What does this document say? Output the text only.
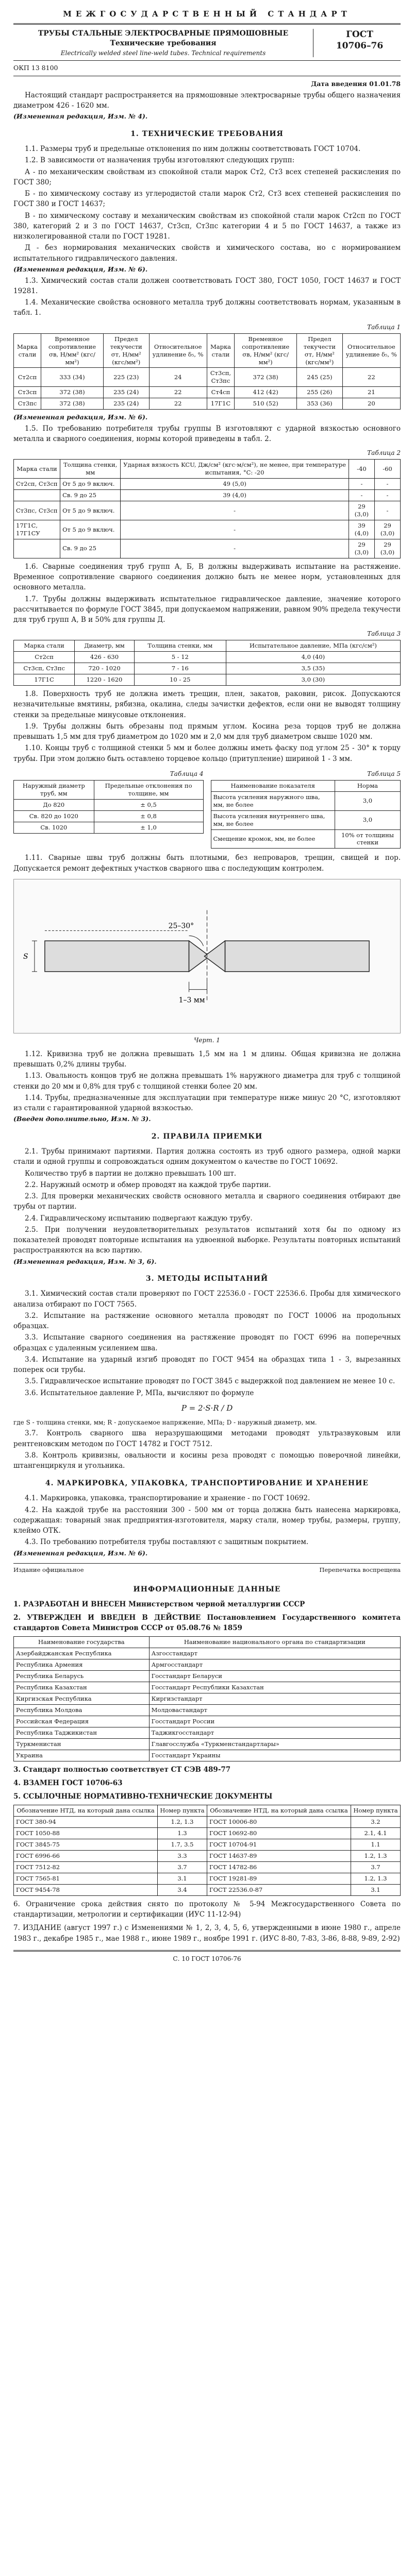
МЕЖГОСУДАРСТВЕННЫЙ СТАНДАРТ
ТРУБЫ СТАЛЬНЫЕ ЭЛЕКТРОСВАРНЫЕ ПРЯМОШОВНЫЕ
Технические требования
Electrically welded steel line-weld tubes. Technical requirements
ГОСТ
10706–76
ОКП 13 8100
Дата введения 01.01.78

Настоящий стандарт распространяется на прямошовные электросварные трубы общего назначения диаметром 426 - 1620 мм.

(Измененная редакция, Изм. № 4).

1. ТЕХНИЧЕСКИЕ ТРЕБОВАНИЯ

1.1. Размеры труб и предельные отклонения по ним должны соответствовать ГОСТ 10704.

1.2. В зависимости от назначения трубы изготовляют следующих групп:

А - по механическим свойствам из спокойной стали марок Ст2, Ст3 всех степеней раскисления по ГОСТ 380;

Б - по химическому составу из углеродистой стали марок Ст2, Ст3 всех степеней раскисления по ГОСТ 380 и ГОСТ 14637;

В - по химическому составу и механическим свойствам из спокойной стали марок Ст2сп по ГОСТ 380, категорий 2 и 3 по ГОСТ 14637, Ст3сп, Ст3пс категории 4 и 5 по ГОСТ 14637, а также из низколегированной стали по ГОСТ 19281.

Д - без нормирования механических свойств и химического состава, но с нормированием испытательного гидравлического давления.

(Измененная редакция, Изм. № 6).

1.3. Химический состав стали должен соответствовать ГОСТ 380, ГОСТ 1050, ГОСТ 14637 и ГОСТ 19281.

1.4. Механические свойства основного металла труб должны соответствовать нормам, указанным в табл. 1.

Таблица 1
Марка стали	Временное сопротивление σв, Н/мм² (кгс/мм²)	Предел текучести σт, Н/мм² (кгс/мм²)	Относительное удлинение δ₅, %	Марка стали	Временное сопротивление σв, Н/мм² (кгс/мм²)	Предел текучести σт, Н/мм² (кгс/мм²)	Относительное удлинение δ₅, %
Ст2сп	333 (34)	225 (23)	24	Ст3сп, Ст3пс	372 (38)	245 (25)	22
Ст3сп	372 (38)	235 (24)	22	Ст4сп	412 (42)	255 (26)	21
Ст3пс	372 (38)	235 (24)	22	17Г1С	510 (52)	353 (36)	20

(Измененная редакция, Изм. № 6).

1.5. По требованию потребителя трубы группы В изготовляют с ударной вязкостью основного металла и сварного соединения, нормы которой приведены в табл. 2.

Таблица 2
Марка стали	Толщина стенки, мм	Ударная вязкость KCU, Дж/см² (кгс·м/см²), не менее, при температуре испытания, °C: -20	-40	-60
Ст2сп, Ст3сп	От 5 до 9 включ.	49 (5,0)	-	-
	Св. 9 до 25	39 (4,0)	-	-
Ст3пс, Ст3сп	От 5 до 9 включ.	-	29 (3,0)	-
17Г1С, 17Г1СУ	От 5 до 9 включ.	-	39 (4,0)	29 (3,0)
	Св. 9 до 25	-	29 (3,0)	29 (3,0)

1.6. Сварные соединения труб групп А, Б, В должны выдерживать испытание на растяжение. Временное сопротивление сварного соединения должно быть не менее норм, установленных для основного металла.

1.7. Трубы должны выдерживать испытательное гидравлическое давление, значение которого рассчитывается по формуле ГОСТ 3845, при допускаемом напряжении, равном 90% предела текучести для труб групп А, В и 50% для группы Д.

Таблица 3
Марка стали	Диаметр, мм	Толщина стенки, мм	Испытательное давление, МПа (кгс/см²)
Ст2сп	426 - 630	5 - 12	4,0 (40)
Ст3сп, Ст3пс	720 - 1020	7 - 16	3,5 (35)
17Г1С	1220 - 1620	10 - 25	3,0 (30)

1.8. Поверхность труб не должна иметь трещин, плен, закатов, раковин, рисок. Допускаются незначительные вмятины, рябизна, окалина, следы зачистки дефектов, если они не выводят толщину стенки за предельные минусовые отклонения.

1.9. Трубы должны быть обрезаны под прямым углом. Косина реза торцов труб не должна превышать 1,5 мм для труб диаметром до 1020 мм и 2,0 мм для труб диаметром свыше 1020 мм.

1.10. Концы труб с толщиной стенки 5 мм и более должны иметь фаску под углом 25 - 30° к торцу трубы. При этом должно быть оставлено торцевое кольцо (притупление) шириной 1 - 3 мм.

Таблица 4
Наружный диаметр труб, мм	Предельные отклонения по толщине, мм
До 820	± 0,5
Св. 820 до 1020	± 0,8
Св. 1020	± 1,0
Таблица 5
Наименование показателя	Норма
Высота усиления наружного шва, мм, не более	3,0
Высота усиления внутреннего шва, мм, не более	3,0
Смещение кромок, мм, не более	10% от толщины стенки

1.11. Сварные швы труб должны быть плотными, без непроваров, трещин, свищей и пор. Допускается ремонт дефектных участков сварного шва с последующим контролем.

25–30°
1–3 мм
S
Черт. 1

1.12. Кривизна труб не должна превышать 1,5 мм на 1 м длины. Общая кривизна не должна превышать 0,2% длины трубы.

1.13. Овальность концов труб не должна превышать 1% наружного диаметра для труб с толщиной стенки до 20 мм и 0,8% для труб с толщиной стенки более 20 мм.

1.14. Трубы, предназначенные для эксплуатации при температуре ниже минус 20 °С, изготовляют из стали с гарантированной ударной вязкостью.

(Введен дополнительно, Изм. № 3).

2. ПРАВИЛА ПРИЕМКИ

2.1. Трубы принимают партиями. Партия должна состоять из труб одного размера, одной марки стали и одной группы и сопровождаться одним документом о качестве по ГОСТ 10692.

Количество труб в партии не должно превышать 100 шт.

2.2. Наружный осмотр и обмер проводят на каждой трубе партии.

2.3. Для проверки механических свойств основного металла и сварного соединения отбирают две трубы от партии.

2.4. Гидравлическому испытанию подвергают каждую трубу.

2.5. При получении неудовлетворительных результатов испытаний хотя бы по одному из показателей проводят повторные испытания на удвоенной выборке. Результаты повторных испытаний распространяются на всю партию.

(Измененная редакция, Изм. № 3, 6).

3. МЕТОДЫ ИСПЫТАНИЙ

3.1. Химический состав стали проверяют по ГОСТ 22536.0 - ГОСТ 22536.6. Пробы для химического анализа отбирают по ГОСТ 7565.

3.2. Испытание на растяжение основного металла проводят по ГОСТ 10006 на продольных образцах.

3.3. Испытание сварного соединения на растяжение проводят по ГОСТ 6996 на поперечных образцах с удаленным усилением шва.

3.4. Испытание на ударный изгиб проводят по ГОСТ 9454 на образцах типа 1 - 3, вырезанных поперек оси трубы.

3.5. Гидравлическое испытание проводят по ГОСТ 3845 с выдержкой под давлением не менее 10 с.

3.6. Испытательное давление Р, МПа, вычисляют по формуле

P = 2·S·R / D

где S - толщина стенки, мм; R - допускаемое напряжение, МПа; D - наружный диаметр, мм.

3.7. Контроль сварного шва неразрушающими методами проводят ультразвуковым или рентгеновским методом по ГОСТ 14782 и ГОСТ 7512.

3.8. Контроль кривизны, овальности и косины реза проводят с помощью поверочной линейки, штангенциркуля и угольника.

4. МАРКИРОВКА, УПАКОВКА, ТРАНСПОРТИРОВАНИЕ И ХРАНЕНИЕ

4.1. Маркировка, упаковка, транспортирование и хранение - по ГОСТ 10692.

4.2. На каждой трубе на расстоянии 300 - 500 мм от торца должна быть нанесена маркировка, содержащая: товарный знак предприятия-изготовителя, марку стали, номер трубы, размеры, группу, клеймо ОТК.

4.3. По требованию потребителя трубы поставляют с защитным покрытием.

(Измененная редакция, Изм. № 6).

Издание официальное	Перепечатка воспрещена
ИНФОРМАЦИОННЫЕ ДАННЫЕ

1. РАЗРАБОТАН И ВНЕСЕН Министерством черной металлургии СССР

2. УТВЕРЖДЕН И ВВЕДЕН В ДЕЙСТВИЕ Постановлением Государственного комитета стандартов Совета Министров СССР от 05.08.76 № 1859

Наименование государства	Наименование национального органа по стандартизации
Азербайджанская Республика	Азгосстандарт
Республика Армения	Армгосстандарт
Республика Беларусь	Госстандарт Беларуси
Республика Казахстан	Госстандарт Республики Казахстан
Киргизская Республика	Киргизстандарт
Республика Молдова	Молдовастандарт
Российская Федерация	Госстандарт России
Республика Таджикистан	Таджикгосстандарт
Туркменистан	Главгосслужба «Туркменстандартлары»
Украина	Госстандарт Украины

3. Стандарт полностью соответствует СТ СЭВ 489-77

4. ВЗАМЕН ГОСТ 10706-63

5. ССЫЛОЧНЫЕ НОРМАТИВНО-ТЕХНИЧЕСКИЕ ДОКУМЕНТЫ

Обозначение НТД, на который дана ссылка	Номер пункта	Обозначение НТД, на который дана ссылка	Номер пункта
ГОСТ 380-94	1.2, 1.3	ГОСТ 10006-80	3.2
ГОСТ 1050-88	1.3	ГОСТ 10692-80	2.1, 4.1
ГОСТ 3845-75	1.7, 3.5	ГОСТ 10704-91	1.1
ГОСТ 6996-66	3.3	ГОСТ 14637-89	1.2, 1.3
ГОСТ 7512-82	3.7	ГОСТ 14782-86	3.7
ГОСТ 7565-81	3.1	ГОСТ 19281-89	1.2, 1.3
ГОСТ 9454-78	3.4	ГОСТ 22536.0-87	3.1

6. Ограничение срока действия снято по протоколу № 5-94 Межгосударственного Совета по стандартизации, метрологии и сертификации (ИУС 11-12-94)

7. ИЗДАНИЕ (август 1997 г.) с Изменениями № 1, 2, 3, 4, 5, 6, утвержденными в июне 1980 г., апреле 1983 г., декабре 1985 г., мае 1988 г., июне 1989 г., ноябре 1991 г. (ИУС 8-80, 7-83, 3-86, 8-88, 9-89, 2-92)

С. 10 ГОСТ 10706-76
